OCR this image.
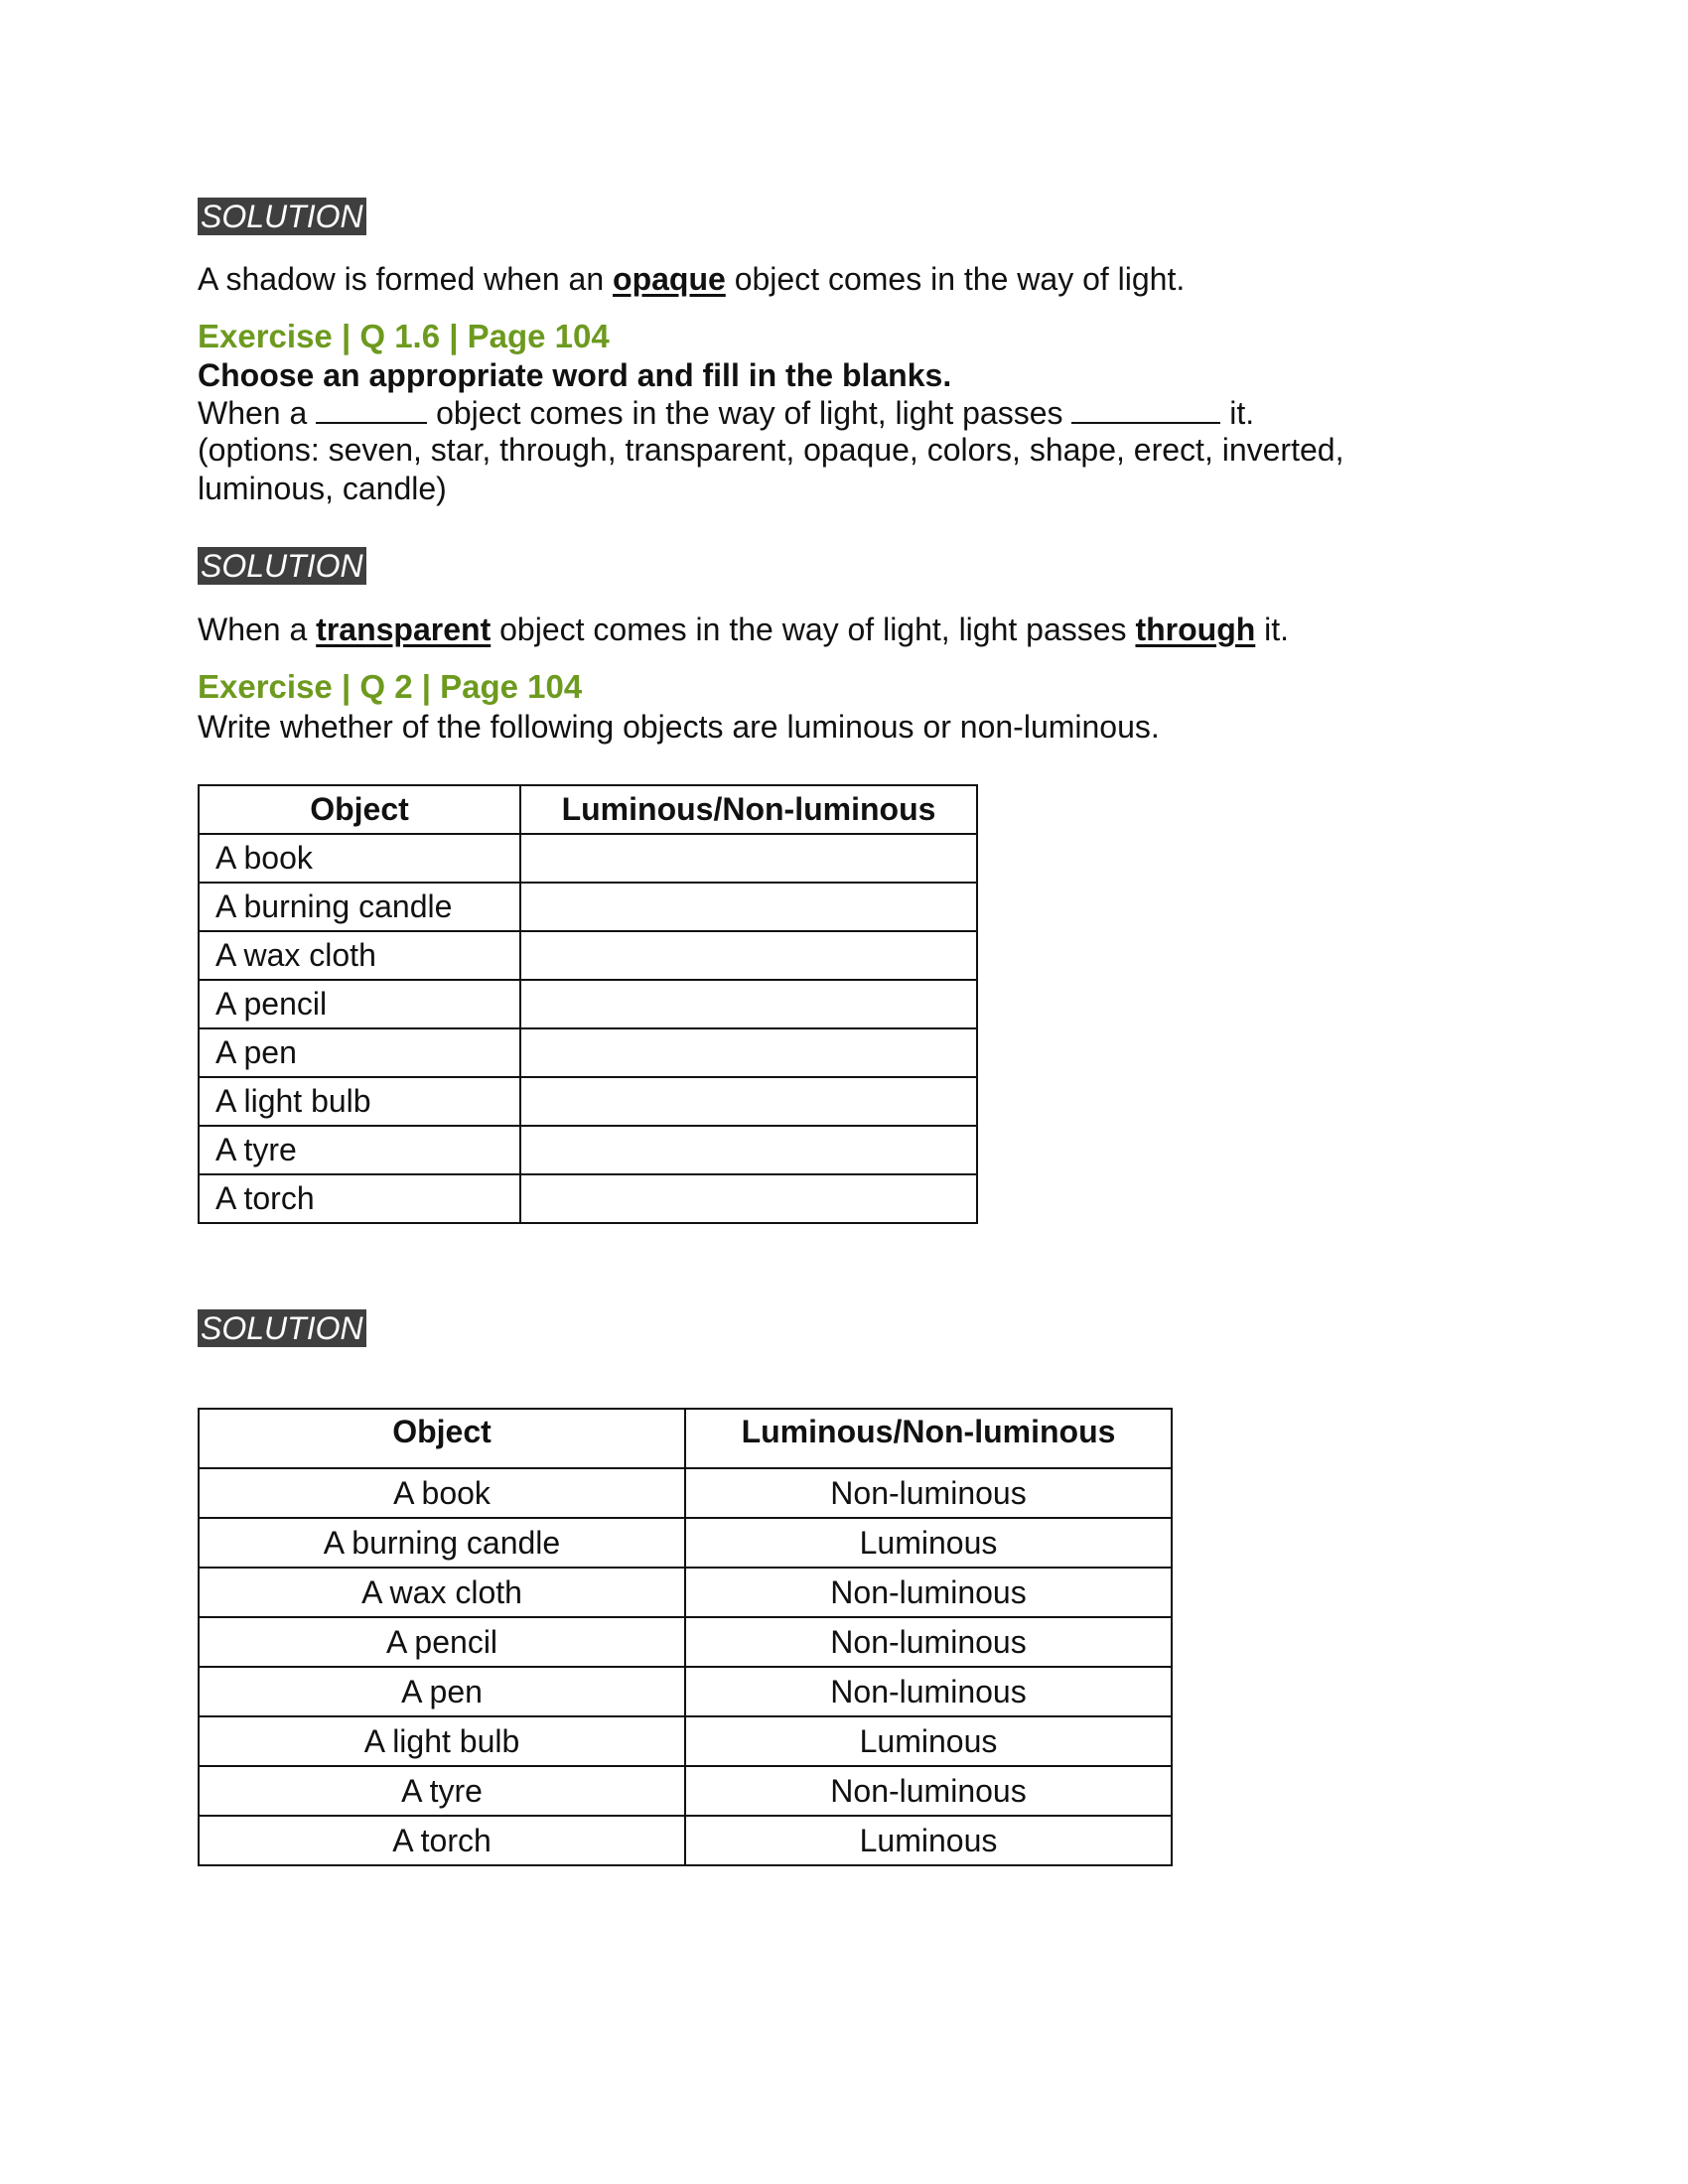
SOLUTION

A shadow is formed when an opaque object comes in the way of light.

Exercise | Q 1.6 | Page 104
Choose an appropriate word and fill in the blanks.
When a	object comes in the way of light, light passes	it.
(options: seven, star, through, transparent, opaque, colors, shape, erect, inverted,
luminous, candle)
SOLUTION

When a transparent object comes in the way of light, light passes through it.

Exercise | Q 2 | Page 104
Write whether of the following objects are luminous or non-luminous.
Object	Luminous/Non-luminous
A book	
A burning candle	
A wax cloth	
A pencil	
A pen	
A light bulb	
A tyre	
A torch	
SOLUTION
Object	Luminous/Non-luminous
A book	Non-luminous
A burning candle	Luminous
A wax cloth	Non-luminous
A pencil	Non-luminous
A pen	Non-luminous
A light bulb	Luminous
A tyre	Non-luminous
A torch	Luminous
